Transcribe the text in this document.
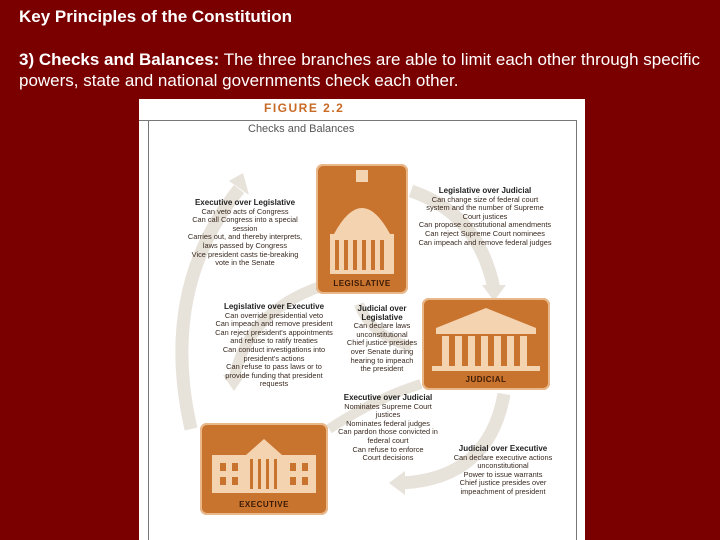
Key Principles of the Constitution
3) Checks and Balances: The three branches are able to limit each other through specific powers, state and national governments check each other.
FIGURE 2.2
Checks and Balances
LEGISLATIVE
JUDICIAL
EXECUTIVE
Executive over Legislative
Can veto acts of Congress
Can call Congress into a special
session
Carries out, and thereby interprets,
laws passed by Congress
Vice president casts tie-breaking
vote in the Senate
Legislative over Judicial
Can change size of federal court
system and the number of Supreme
Court justices
Can propose constitutional amendments
Can reject Supreme Court nominees
Can impeach and remove federal judges
Legislative over Executive
Can override presidential veto
Can impeach and remove president
Can reject president's appointments
and refuse to ratify treaties
Can conduct investigations into
president's actions
Can refuse to pass laws or to
provide funding that president
requests
Judicial over Legislative
Can declare laws
unconstitutional
Chief justice presides
over Senate during
hearing to impeach
the president
Executive over Judicial
Nominates Supreme Court
justices
Nominates federal judges
Can pardon those convicted in
federal court
Can refuse to enforce
Court decisions
Judicial over Executive
Can declare executive actions
unconstitutional
Power to issue warrants
Chief justice presides over
impeachment of president
